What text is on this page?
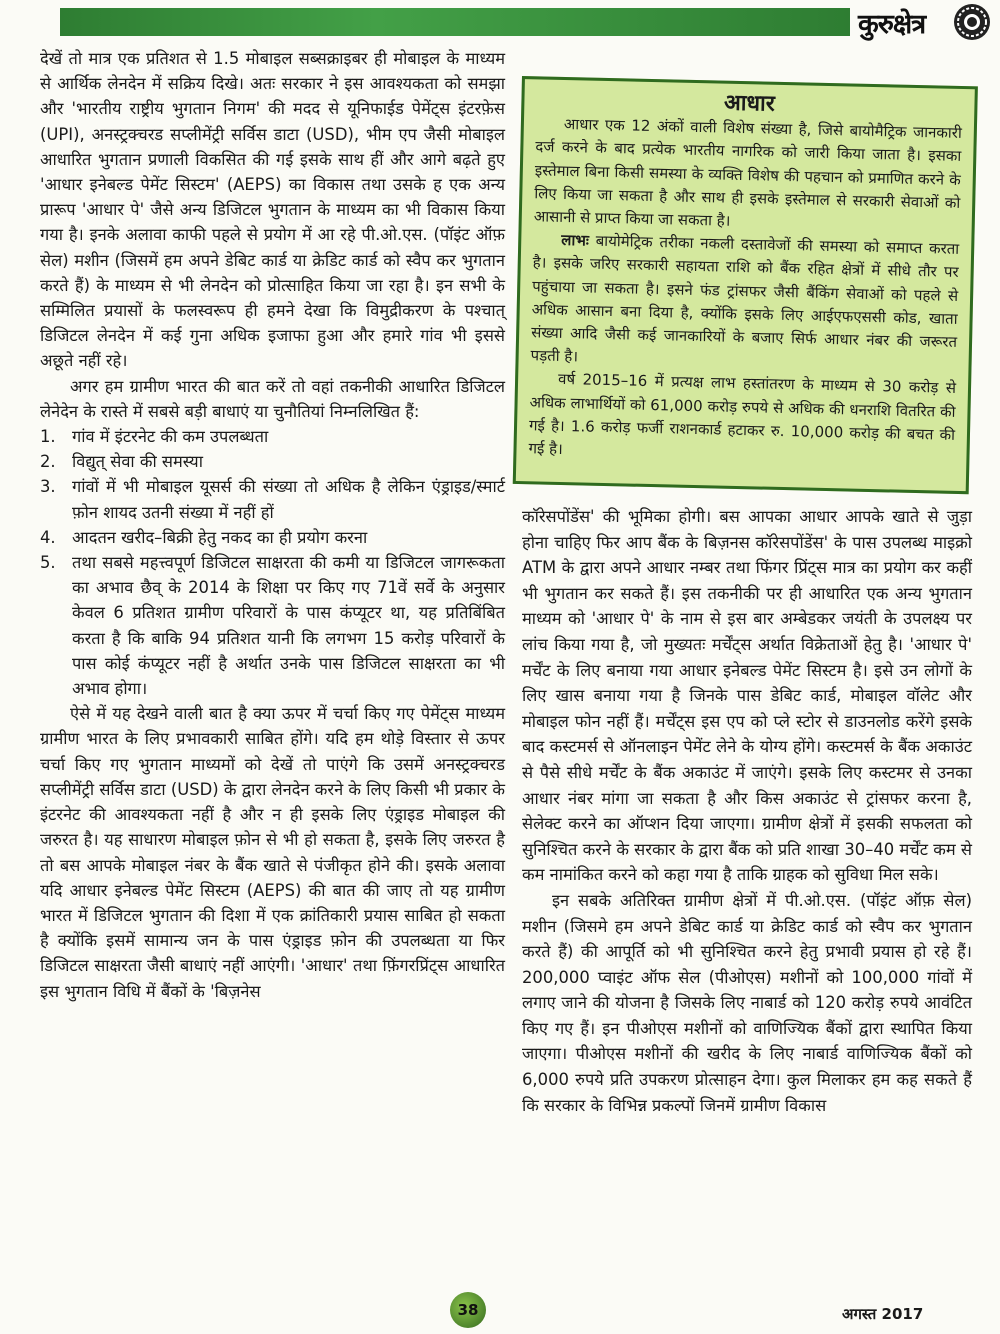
कुरुक्षेत्र

देखें तो मात्र एक प्रतिशत से 1.5 मोबाइल सब्सक्राइबर ही मोबाइल के माध्यम से आर्थिक लेनदेन में सक्रिय दिखे। अतः सरकार ने इस आवश्यकता को समझा और 'भारतीय राष्ट्रीय भुगतान निगम' की मदद से यूनिफाईड पेमेंट्स इंटरफ़ेस (UPI), अनस्ट्रक्चरड सप्लीमेंट्री सर्विस डाटा (USD), भीम एप जैसी मोबाइल आधारित भुगतान प्रणाली विकसित की गई इसके साथ हीं और आगे बढ़ते हुए 'आधार इनेबल्ड पेमेंट सिस्टम' (AEPS) का विकास तथा उसके ह एक अन्य प्रारूप 'आधार पे' जैसे अन्य डिजिटल भुगतान के माध्यम का भी विकास किया गया है। इनके अलावा काफी पहले से प्रयोग में आ रहे पी.ओ.एस. (पॉइंट ऑफ़ सेल) मशीन (जिसमें हम अपने डेबिट कार्ड या क्रेडिट कार्ड को स्वैप कर भुगतान करते हैं) के माध्यम से भी लेनदेन को प्रोत्साहित किया जा रहा है। इन सभी के सम्मिलित प्रयासों के फलस्वरूप ही हमने देखा कि विमुद्रीकरण के पश्चात् डिजिटल लेनदेन में कई गुना अधिक इजाफा हुआ और हमारे गांव भी इससे अछूते नहीं रहे।

अगर हम ग्रामीण भारत की बात करें तो वहां तकनीकी आधारित डिजिटल लेनेदेन के रास्ते में सबसे बड़ी बाधाएं या चुनौतियां निम्नलिखित हैं:

1. गांव में इंटरनेट की कम उपलब्धता
2. विद्युत् सेवा की समस्या
3. गांवों में भी मोबाइल यूसर्स की संख्या तो अधिक है लेकिन एंड्राइड/स्मार्ट फ़ोन शायद उतनी संख्या में नहीं हों
4. आदतन खरीद–बिक्री हेतु नकद का ही प्रयोग करना
5. तथा सबसे महत्त्वपूर्ण डिजिटल साक्षरता की कमी या डिजिटल जागरूकता का अभाव छैव् के 2014 के शिक्षा पर किए गए 71वें सर्वे के अनुसार केवल 6 प्रतिशत ग्रामीण परिवारों के पास कंप्यूटर था, यह प्रतिबिंबित करता है कि बाकि 94 प्रतिशत यानी कि लगभग 15 करोड़ परिवारों के पास कोई कंप्यूटर नहीं है अर्थात उनके पास डिजिटल साक्षरता का भी अभाव होगा।

ऐसे में यह देखने वाली बात है क्या ऊपर में चर्चा किए गए पेमेंट्स माध्यम ग्रामीण भारत के लिए प्रभावकारी साबित होंगे। यदि हम थोड़े विस्तार से ऊपर चर्चा किए गए भुगतान माध्यमों को देखें तो पाएंगे कि उसमें अनस्ट्रक्चरड सप्लीमेंट्री सर्विस डाटा (USD) के द्वारा लेनदेन करने के लिए किसी भी प्रकार के इंटरनेट की आवश्यकता नहीं है और न ही इसके लिए एंड्राइड मोबाइल की जरुरत है। यह साधारण मोबाइल फ़ोन से भी हो सकता है, इसके लिए जरुरत है तो बस आपके मोबाइल नंबर के बैंक खाते से पंजीकृत होने की। इसके अलावा यदि आधार इनेबल्ड पेमेंट सिस्टम (AEPS) की बात की जाए तो यह ग्रामीण भारत में डिजिटल भुगतान की दिशा में एक क्रांतिकारी प्रयास साबित हो सकता है क्योंकि इसमें सामान्य जन के पास एंड्राइड फ़ोन की उपलब्धता या फिर डिजिटल साक्षरता जैसी बाधाएं नहीं आएंगी। 'आधार' तथा फ़िंगरप्रिंट्स आधारित इस भुगतान विधि में बैंकों के 'बिज़नेस

आधार

आधार एक 12 अंकों वाली विशेष संख्या है, जिसे बायोमैट्रिक जानकारी दर्ज करने के बाद प्रत्येक भारतीय नागरिक को जारी किया जाता है। इसका इस्तेमाल बिना किसी समस्या के व्यक्ति विशेष की पहचान को प्रमाणित करने के लिए किया जा सकता है और साथ ही इसके इस्तेमाल से सरकारी सेवाओं को आसानी से प्राप्त किया जा सकता है।

लाभः बायोमेट्रिक तरीका नकली दस्तावेजों की समस्या को समाप्त करता है। इसके जरिए सरकारी सहायता राशि को बैंक रहित क्षेत्रों में सीधे तौर पर पहुंचाया जा सकता है। इसने फंड ट्रांसफर जैसी बैंकिंग सेवाओं को पहले से अधिक आसान बना दिया है, क्योंकि इसके लिए आईएफएससी कोड, खाता संख्या आदि जैसी कई जानकारियों के बजाए सिर्फ आधार नंबर की जरूरत पड़ती है।

वर्ष 2015–16 में प्रत्यक्ष लाभ हस्तांतरण के माध्यम से 30 करोड़ से अधिक लाभार्थियों को 61,000 करोड़ रुपये से अधिक की धनराशि वितरित की गई है। 1.6 करोड़ फर्जी राशनकार्ड हटाकर रु. 10,000 करोड़ की बचत की गई है।

कॉरेसपोंडेंस' की भूमिका होगी। बस आपका आधार आपके खाते से जुड़ा होना चाहिए फिर आप बैंक के बिज़नस कॉरेसपोंडेंस' के पास उपलब्ध माइक्रो ATM के द्वारा अपने आधार नम्बर तथा फिंगर प्रिंट्स मात्र का प्रयोग कर कहीं भी भुगतान कर सकते हैं। इस तकनीकी पर ही आधारित एक अन्य भुगतान माध्यम को 'आधार पे' के नाम से इस बार अम्बेडकर जयंती के उपलक्ष्य पर लांच किया गया है, जो मुख्यतः मर्चेंट्स अर्थात विक्रेताओं हेतु है। 'आधार पे' मर्चेंट के लिए बनाया गया आधार इनेबल्ड पेमेंट सिस्टम है। इसे उन लोगों के लिए खास बनाया गया है जिनके पास डेबिट कार्ड, मोबाइल वॉलेट और मोबाइल फोन नहीं हैं। मर्चेंट्स इस एप को प्ले स्टोर से डाउनलोड करेंगे इसके बाद कस्टमर्स से ऑनलाइन पेमेंट लेने के योग्य होंगे। कस्टमर्स के बैंक अकाउंट से पैसे सीधे मर्चेंट के बैंक अकाउंट में जाएंगे। इसके लिए कस्टमर से उनका आधार नंबर मांगा जा सकता है और किस अकाउंट से ट्रांसफर करना है, सेलेक्ट करने का ऑप्शन दिया जाएगा। ग्रामीण क्षेत्रों में इसकी सफलता को सुनिश्चित करने के सरकार के द्वारा बैंक को प्रति शाखा 30–40 मर्चेंट कम से कम नामांकित करने को कहा गया है ताकि ग्राहक को सुविधा मिल सके।

इन सबके अतिरिक्त ग्रामीण क्षेत्रों में पी.ओ.एस. (पॉइंट ऑफ़ सेल) मशीन (जिसमे हम अपने डेबिट कार्ड या क्रेडिट कार्ड को स्वैप कर भुगतान करते हैं) की आपूर्ति को भी सुनिश्चित करने हेतु प्रभावी प्रयास हो रहे हैं। 200,000 प्वाइंट ऑफ सेल (पीओएस) मशीनों को 100,000 गांवों में लगाए जाने की योजना है जिसके लिए नाबार्ड को 120 करोड़ रुपये आवंटित किए गए हैं। इन पीओएस मशीनों को वाणिज्यिक बैंकों द्वारा स्थापित किया जाएगा। पीओएस मशीनों की खरीद के लिए नाबार्ड वाणिज्यिक बैंकों को 6,000 रुपये प्रति उपकरण प्रोत्साहन देगा। कुल मिलाकर हम कह सकते हैं कि सरकार के विभिन्न प्रकल्पों जिनमें ग्रामीण विकास

38	अगस्त 2017
